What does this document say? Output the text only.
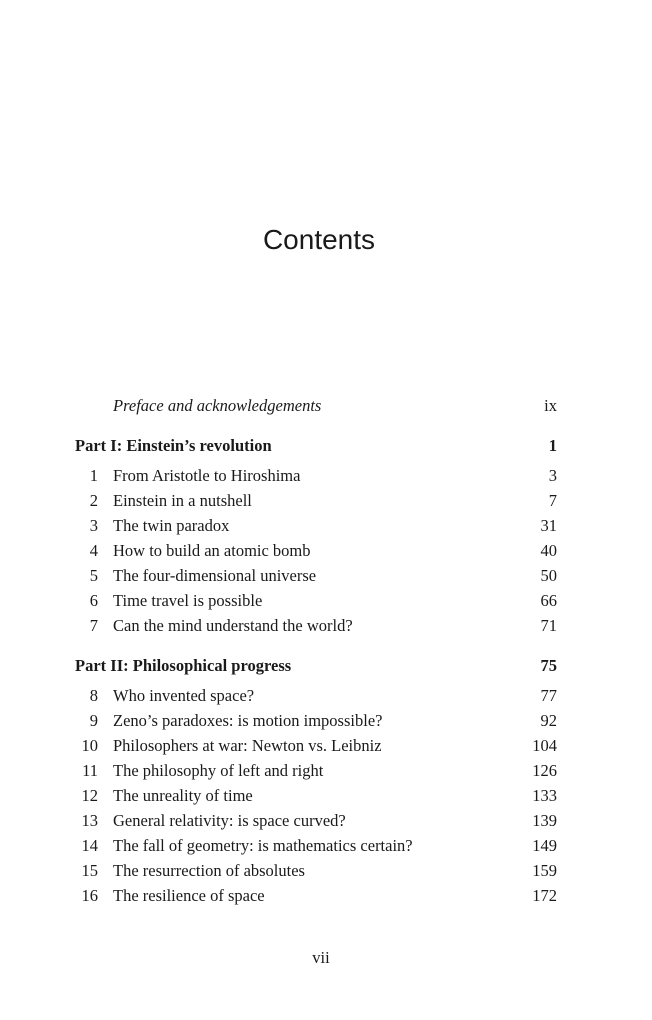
Contents
Preface and acknowledgements	ix
Part I: Einstein’s revolution	1
1 From Aristotle to Hiroshima	3
2 Einstein in a nutshell	7
3 The twin paradox	31
4 How to build an atomic bomb	40
5 The four-dimensional universe	50
6 Time travel is possible	66
7 Can the mind understand the world?	71
Part II: Philosophical progress	75
8 Who invented space?	77
9 Zeno’s paradoxes: is motion impossible?	92
10 Philosophers at war: Newton vs. Leibniz	104
11 The philosophy of left and right	126
12 The unreality of time	133
13 General relativity: is space curved?	139
14 The fall of geometry: is mathematics certain?	149
15 The resurrection of absolutes	159
16 The resilience of space	172
vii
